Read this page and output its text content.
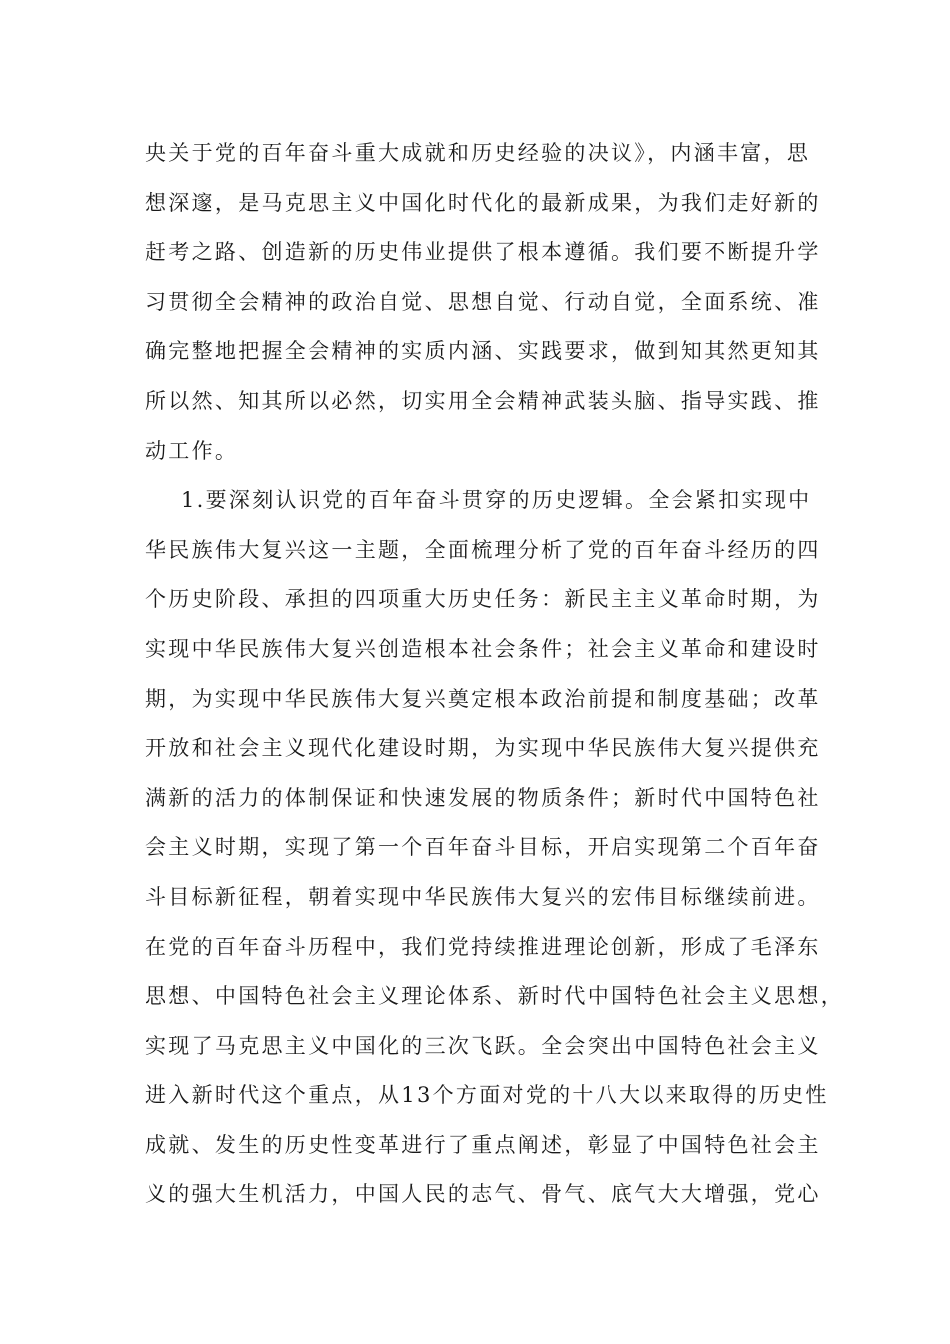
央关于党的百年奋斗重大成就和历史经验的决议》，内涵丰富，思
想深邃，是马克思主义中国化时代化的最新成果，为我们走好新的
赶考之路、创造新的历史伟业提供了根本遵循。我们要不断提升学
习贯彻全会精神的政治自觉、思想自觉、行动自觉，全面系统、准
确完整地把握全会精神的实质内涵、实践要求，做到知其然更知其
所以然、知其所以必然，切实用全会精神武装头脑、指导实践、推
动工作。
1.要深刻认识党的百年奋斗贯穿的历史逻辑。全会紧扣实现中
华民族伟大复兴这一主题，全面梳理分析了党的百年奋斗经历的四
个历史阶段、承担的四项重大历史任务：新民主主义革命时期，为
实现中华民族伟大复兴创造根本社会条件；社会主义革命和建设时
期，为实现中华民族伟大复兴奠定根本政治前提和制度基础；改革
开放和社会主义现代化建设时期，为实现中华民族伟大复兴提供充
满新的活力的体制保证和快速发展的物质条件；新时代中国特色社
会主义时期，实现了第一个百年奋斗目标，开启实现第二个百年奋
斗目标新征程，朝着实现中华民族伟大复兴的宏伟目标继续前进。
在党的百年奋斗历程中，我们党持续推进理论创新，形成了毛泽东
思想、中国特色社会主义理论体系、新时代中国特色社会主义思想，
实现了马克思主义中国化的三次飞跃。全会突出中国特色社会主义
进入新时代这个重点，从13个方面对党的十八大以来取得的历史性
成就、发生的历史性变革进行了重点阐述，彰显了中国特色社会主
义的强大生机活力，中国人民的志气、骨气、底气大大增强，党心
